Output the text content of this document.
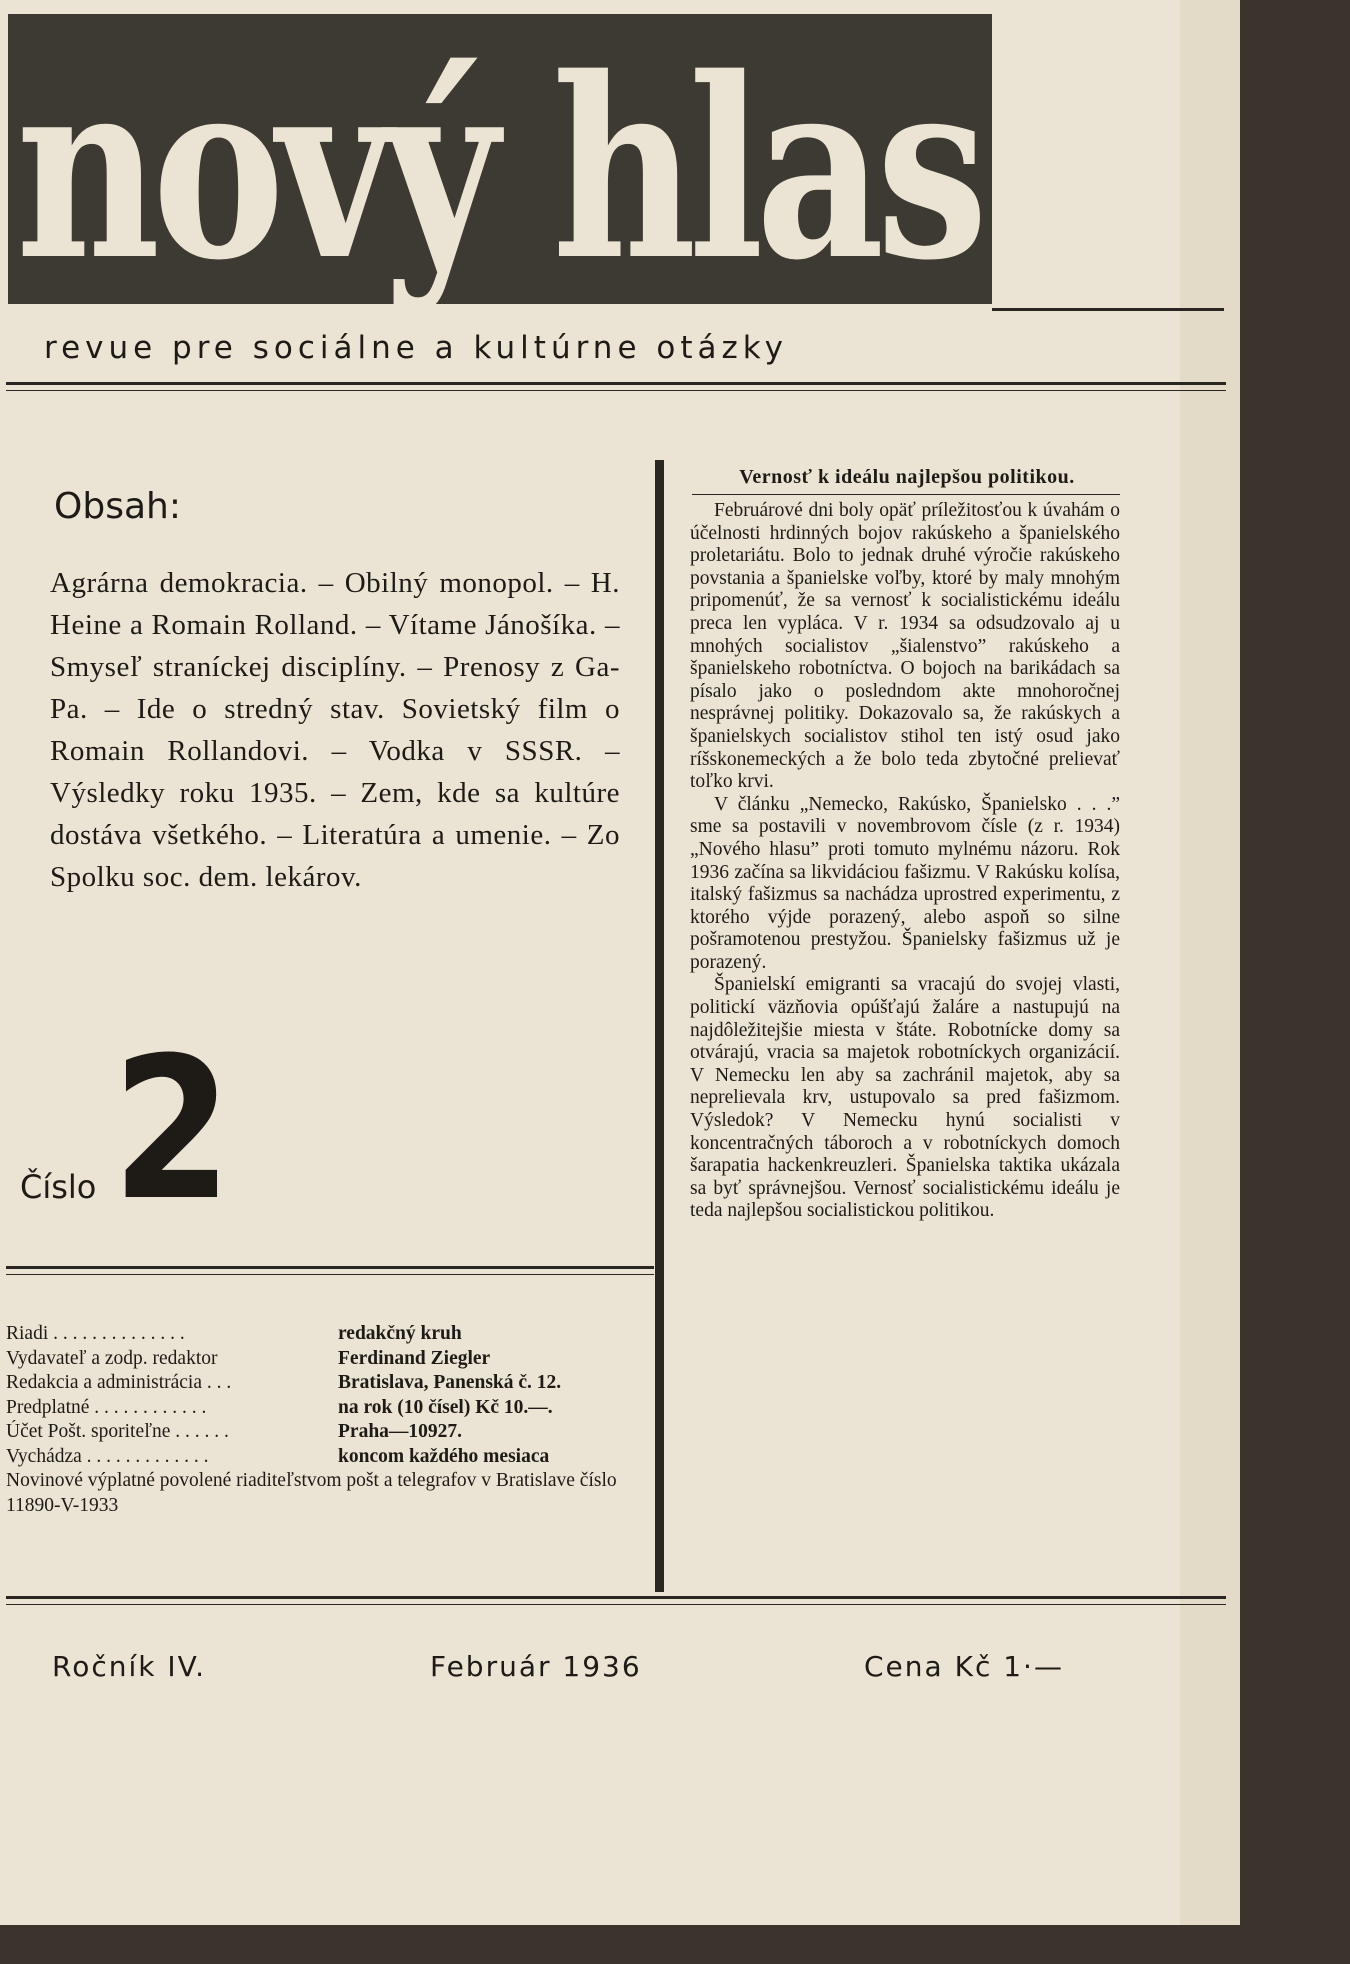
nový hlas
revue pre sociálne a kultúrne otázky
Obsah:
Agrárna demokracia. – Obilný monopol. – H. Heine a Romain Rolland. – Vítame Jánošíka. – Smyseľ straníckej disciplíny. – Prenosy z Ga-Pa. – Ide o stredný stav. Sovietský film o Romain Rollandovi. – Vodka v SSSR. – Výsledky roku 1935. – Zem, kde sa kultúre dostáva všetkého. – Literatúra a umenie. – Zo Spolku soc. dem. lekárov.
Číslo 2
Vernosť k ideálu najlepšou politikou.

Februárové dni boly opäť príležitosťou k úvahám o účelnosti hrdinných bojov rakúskeho a španielského proletariátu. Bolo to jednak druhé výročie rakúskeho povstania a španielske voľby, ktoré by maly mnohým pripomenúť, že sa vernosť k socialistickému ideálu preca len vypláca. V r. 1934 sa odsudzovalo aj u mnohých socialistov „šialenstvo” rakúskeho a španielskeho robotníctva. O bojoch na barikádach sa písalo jako o posledndom akte mnohoročnej nesprávnej politiky. Dokazovalo sa, že rakúskych a španielskych socialistov stihol ten istý osud jako ríšskonemeckých a že bolo teda zbytočné prelievať toľko krvi.

V článku „Nemecko, Rakúsko, Španielsko . . .” sme sa postavili v novembrovom čísle (z r. 1934) „Nového hlasu” proti tomuto mylnému názoru. Rok 1936 začína sa likvidáciou fašizmu. V Rakúsku kolísa, italský fašizmus sa nachádza uprostred experimentu, z ktorého výjde porazený, alebo aspoň so silne pošramotenou prestyžou. Španielsky fašizmus už je porazený.

Španielskí emigranti sa vracajú do svojej vlasti, politickí väzňovia opúšťajú žaláre a nastupujú na najdôležitejšie miesta v štáte. Robotnícke domy sa otvárajú, vracia sa majetok robotníckych organizácií. V Nemecku len aby sa zachránil majetok, aby sa neprelievala krv, ustupovalo sa pred fašizmom. Výsledok? V Nemecku hynú socialisti v koncentračných táboroch a v robotníckych domoch šarapatia hackenkreuzleri. Španielska taktika ukázala sa byť správnejšou. Vernosť socialistickému ideálu je teda najlepšou socialistickou politikou.

Riadi . . . . . . . . . . . . . .	redakčný kruh
Vydavateľ a zodp. redaktor	Ferdinand Ziegler
Redakcia a administrácia . . .	Bratislava, Panenská č. 12.
Predplatné . . . . . . . . . . . .	na rok (10 čísel) Kč 10.—.
Účet Pošt. sporiteľne . . . . . .	Praha—10927.
Vychádza . . . . . . . . . . . . .	koncom každého mesiaca
Novinové výplatné povolené riaditeľstvom pošt a telegrafov v Bratislave číslo 11890-V-1933
Ročník IV.	Február 1936	Cena Kč 1·—
